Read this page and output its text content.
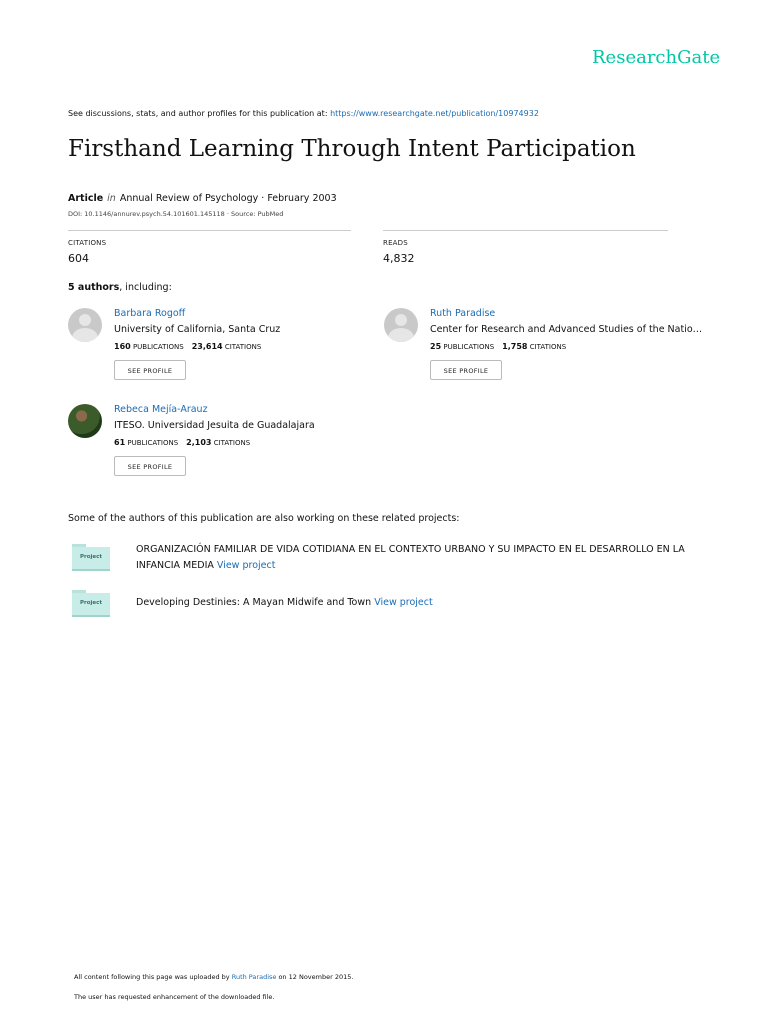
ResearchGate
See discussions, stats, and author profiles for this publication at: https://www.researchgate.net/publication/10974932
Firsthand Learning Through Intent Participation
Article in Annual Review of Psychology · February 2003
DOI: 10.1146/annurev.psych.54.101601.145118 · Source: PubMed
CITATIONS
604
READS
4,832
5 authors, including:
Barbara Rogoff
University of California, Santa Cruz
160 PUBLICATIONS 23,614 CITATIONS
SEE PROFILE
Ruth Paradise
Center for Research and Advanced Studies of the Natio…
25 PUBLICATIONS 1,758 CITATIONS
SEE PROFILE
Rebeca Mejía-Arauz
ITESO. Universidad Jesuita de Guadalajara
61 PUBLICATIONS 2,103 CITATIONS
SEE PROFILE
Some of the authors of this publication are also working on these related projects:
Project
ORGANIZACIÓN FAMILIAR DE VIDA COTIDIANA EN EL CONTEXTO URBANO Y SU IMPACTO EN EL DESARROLLO EN LA INFANCIA MEDIA View project
Project	Developing Destinies: A Mayan Midwife and Town View project
All content following this page was uploaded by Ruth Paradise on 12 November 2015.
The user has requested enhancement of the downloaded file.
